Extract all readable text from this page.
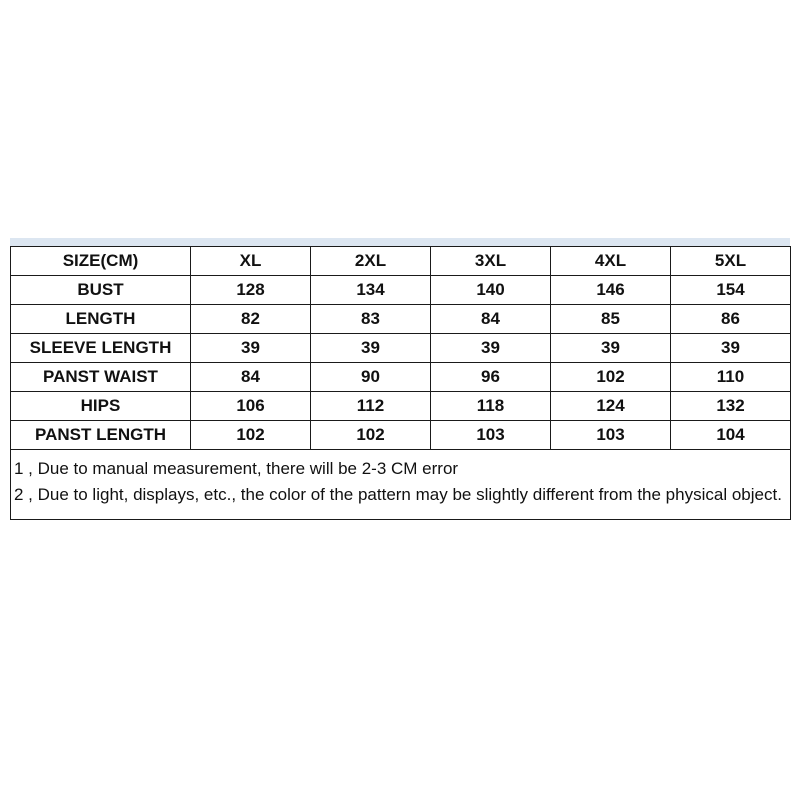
SIZE(CM)	XL	2XL	3XL	4XL	5XL
BUST	128	134	140	146	154
LENGTH	82	83	84	85	86
SLEEVE LENGTH	39	39	39	39	39
PANST WAIST	84	90	96	102	110
HIPS	106	112	118	124	132
PANST LENGTH	102	102	103	103	104

1 , Due to manual measurement, there will be 2-3 CM error
2 , Due to light, displays, etc., the color of the pattern may be slightly different from the physical object.					
